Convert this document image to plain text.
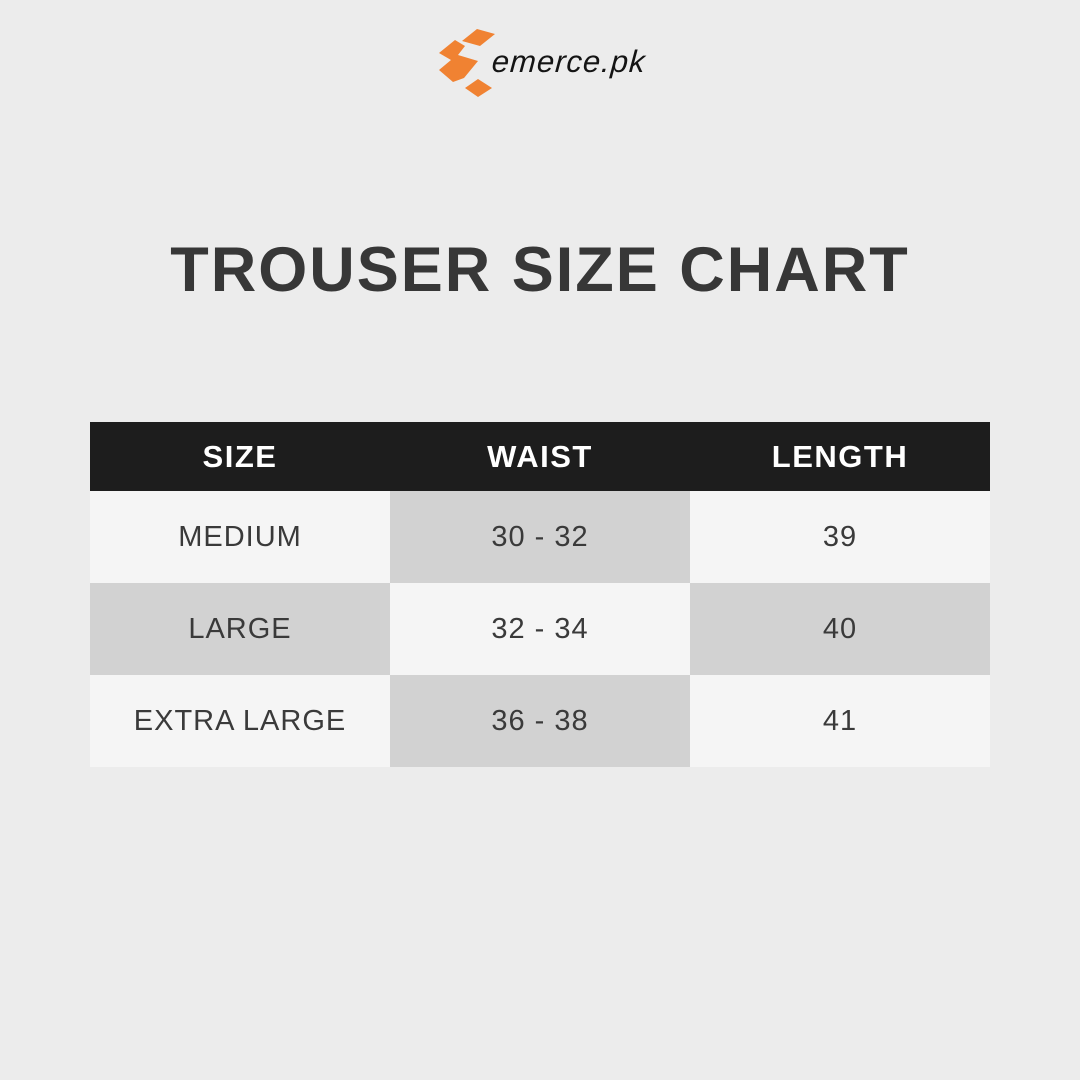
emerce.pk
TROUSER SIZE CHART
SIZE	WAIST	LENGTH
MEDIUM	30 - 32	39
LARGE	32 - 34	40
EXTRA LARGE	36 - 38	41
